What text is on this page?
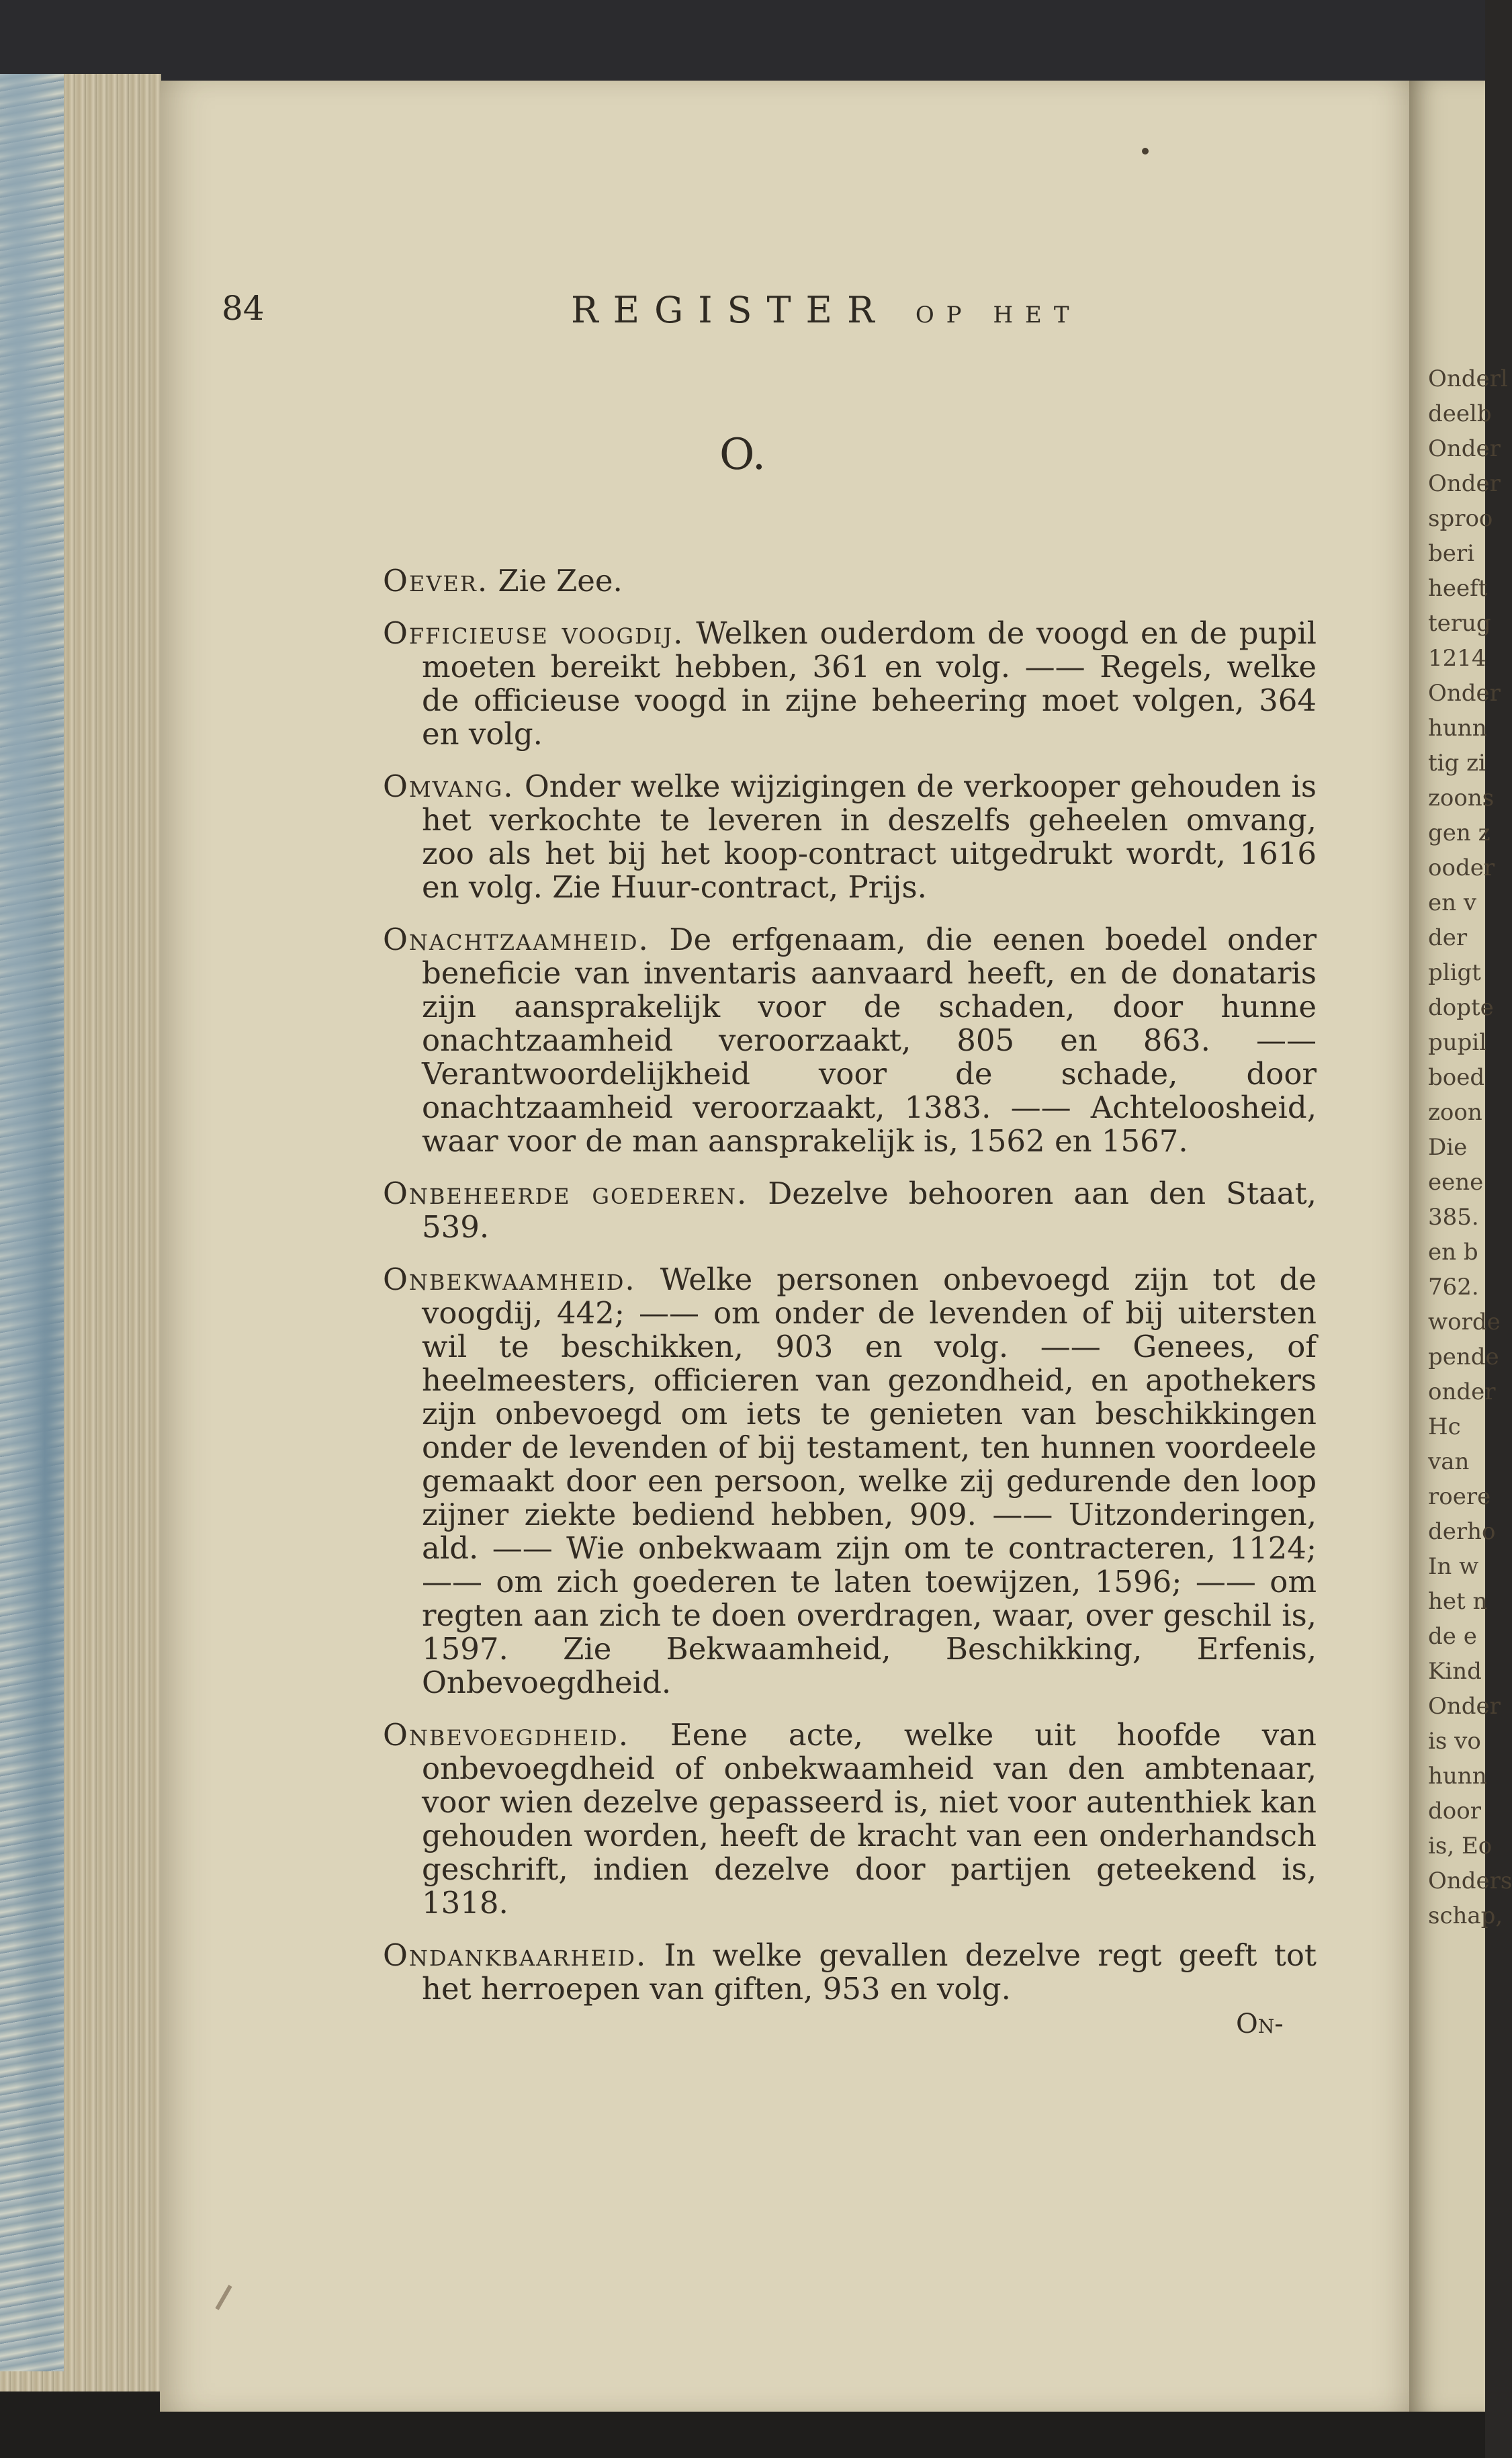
Onderl
deelb
Onder
Onder
sproo
beri
heeft
terug
1214
Onder
hunn
tig zi
zoons
gen z
ooder
en v
der
pligt
dopte
pupil
boed
zoon
Die
eene
385.
en b
762.
worde
pende
onder
Hc
van
roere
derho
In w
het n
de e
Kind
Onder
is vo
hunn
door
is, Eo
Onders
schap,
84	REGISTER OP HET
O.

Oever. Zie Zee.

Officieuse voogdij. Welken ouderdom de voogd en de pupil moeten bereikt hebben, 361 en volg. —— Regels, welke de officieuse voogd in zijne beheering moet volgen, 364 en volg.

Omvang. Onder welke wijzigingen de verkooper gehouden is het verkochte te leveren in deszelfs geheelen omvang, zoo als het bij het koop-contract uitgedrukt wordt, 1616 en volg. Zie Huur-contract, Prijs.

Onachtzaamheid. De erfgenaam, die eenen boedel onder beneficie van inventaris aanvaard heeft, en de donataris zijn aansprakelijk voor de schaden, door hunne onachtzaamheid veroorzaakt, 805 en 863. —— Verantwoordelijkheid voor de schade, door onachtzaamheid veroorzaakt, 1383. —— Achteloosheid, waar voor de man aansprakelijk is, 1562 en 1567.

Onbeheerde goederen. Dezelve behooren aan den Staat, 539.

Onbekwaamheid. Welke personen onbevoegd zijn tot de voogdij, 442; —— om onder de levenden of bij uitersten wil te beschikken, 903 en volg. —— Genees, of heelmeesters, officieren van gezondheid, en apothekers zijn onbevoegd om iets te genieten van beschikkingen onder de levenden of bij testament, ten hunnen voordeele gemaakt door een persoon, welke zij gedurende den loop zijner ziekte bediend hebben, 909. —— Uitzonderingen, ald. —— Wie onbekwaam zijn om te contracteren, 1124; —— om zich goederen te laten toewijzen, 1596; —— om regten aan zich te doen overdragen, waar, over geschil is, 1597. Zie Bekwaamheid, Beschikking, Erfenis, Onbevoegdheid.

Onbevoegdheid. Eene acte, welke uit hoofde van onbevoegdheid of onbekwaamheid van den ambtenaar, voor wien dezelve gepasseerd is, niet voor autenthiek kan gehouden worden, heeft de kracht van een onderhandsch geschrift, indien dezelve door partijen geteekend is, 1318.

Ondankbaarheid. In welke gevallen dezelve regt geeft tot het herroepen van giften, 953 en volg.

On-
